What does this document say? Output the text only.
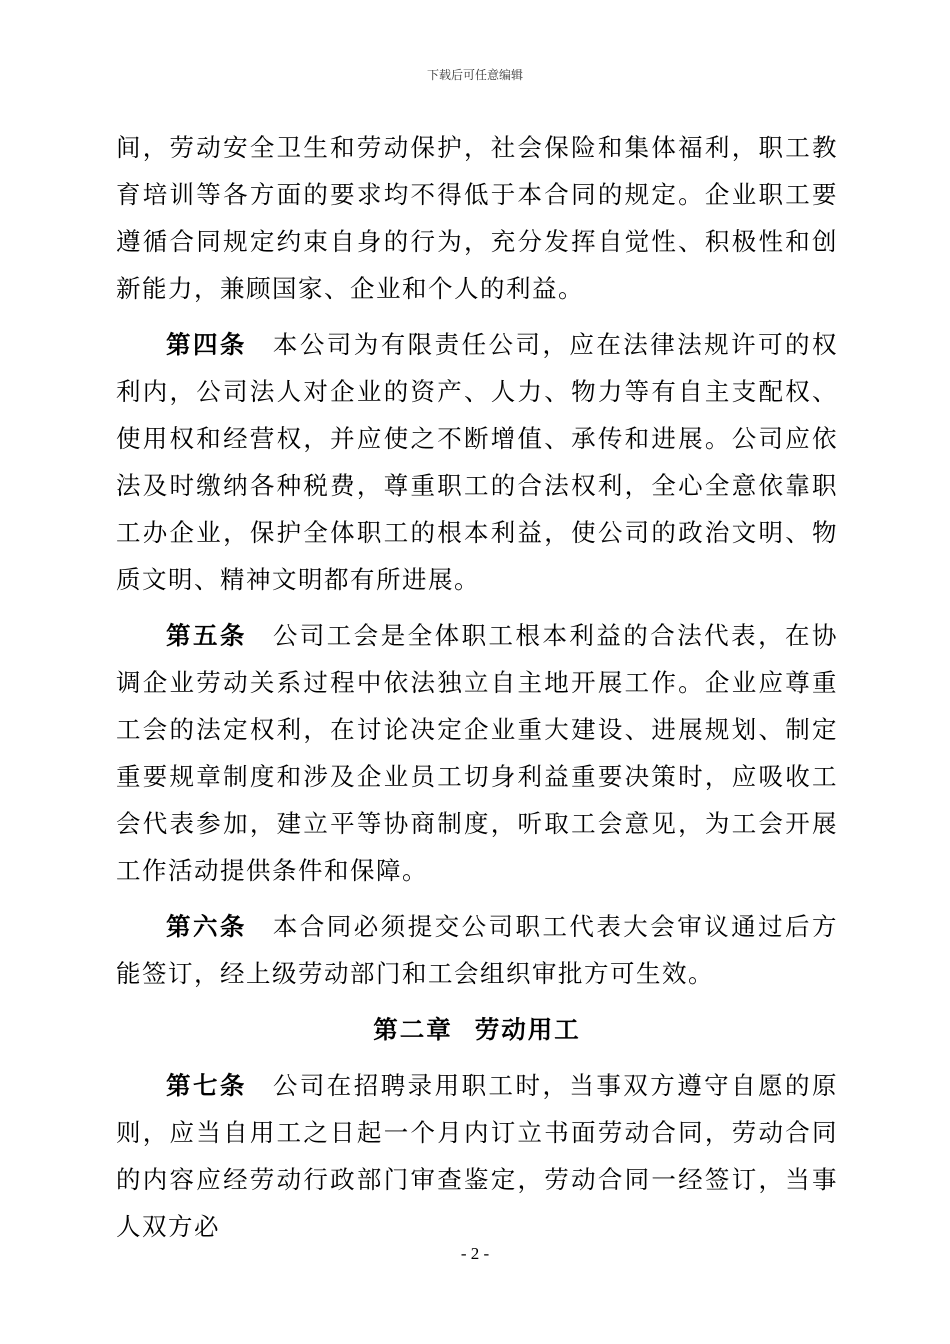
下载后可任意编辑

间，劳动安全卫生和劳动保护，社会保险和集体福利，职工教育培训等各方面的要求均不得低于本合同的规定。企业职工要遵循合同规定约束自身的行为，充分发挥自觉性、积极性和创新能力，兼顾国家、企业和个人的利益。

第四条 本公司为有限责任公司，应在法律法规许可的权利内，公司法人对企业的资产、人力、物力等有自主支配权、使用权和经营权，并应使之不断增值、承传和进展。公司应依法及时缴纳各种税费，尊重职工的合法权利，全心全意依靠职工办企业，保护全体职工的根本利益，使公司的政治文明、物质文明、精神文明都有所进展。

第五条 公司工会是全体职工根本利益的合法代表，在协调企业劳动关系过程中依法独立自主地开展工作。企业应尊重工会的法定权利，在讨论决定企业重大建设、进展规划、制定重要规章制度和涉及企业员工切身利益重要决策时，应吸收工会代表参加，建立平等协商制度，听取工会意见，为工会开展工作活动提供条件和保障。

第六条 本合同必须提交公司职工代表大会审议通过后方能签订，经上级劳动部门和工会组织审批方可生效。

第二章 劳动用工

第七条 公司在招聘录用职工时，当事双方遵守自愿的原则，应当自用工之日起一个月内订立书面劳动合同，劳动合同的内容应经劳动行政部门审查鉴定，劳动合同一经签订，当事人双方必

- 2 -
